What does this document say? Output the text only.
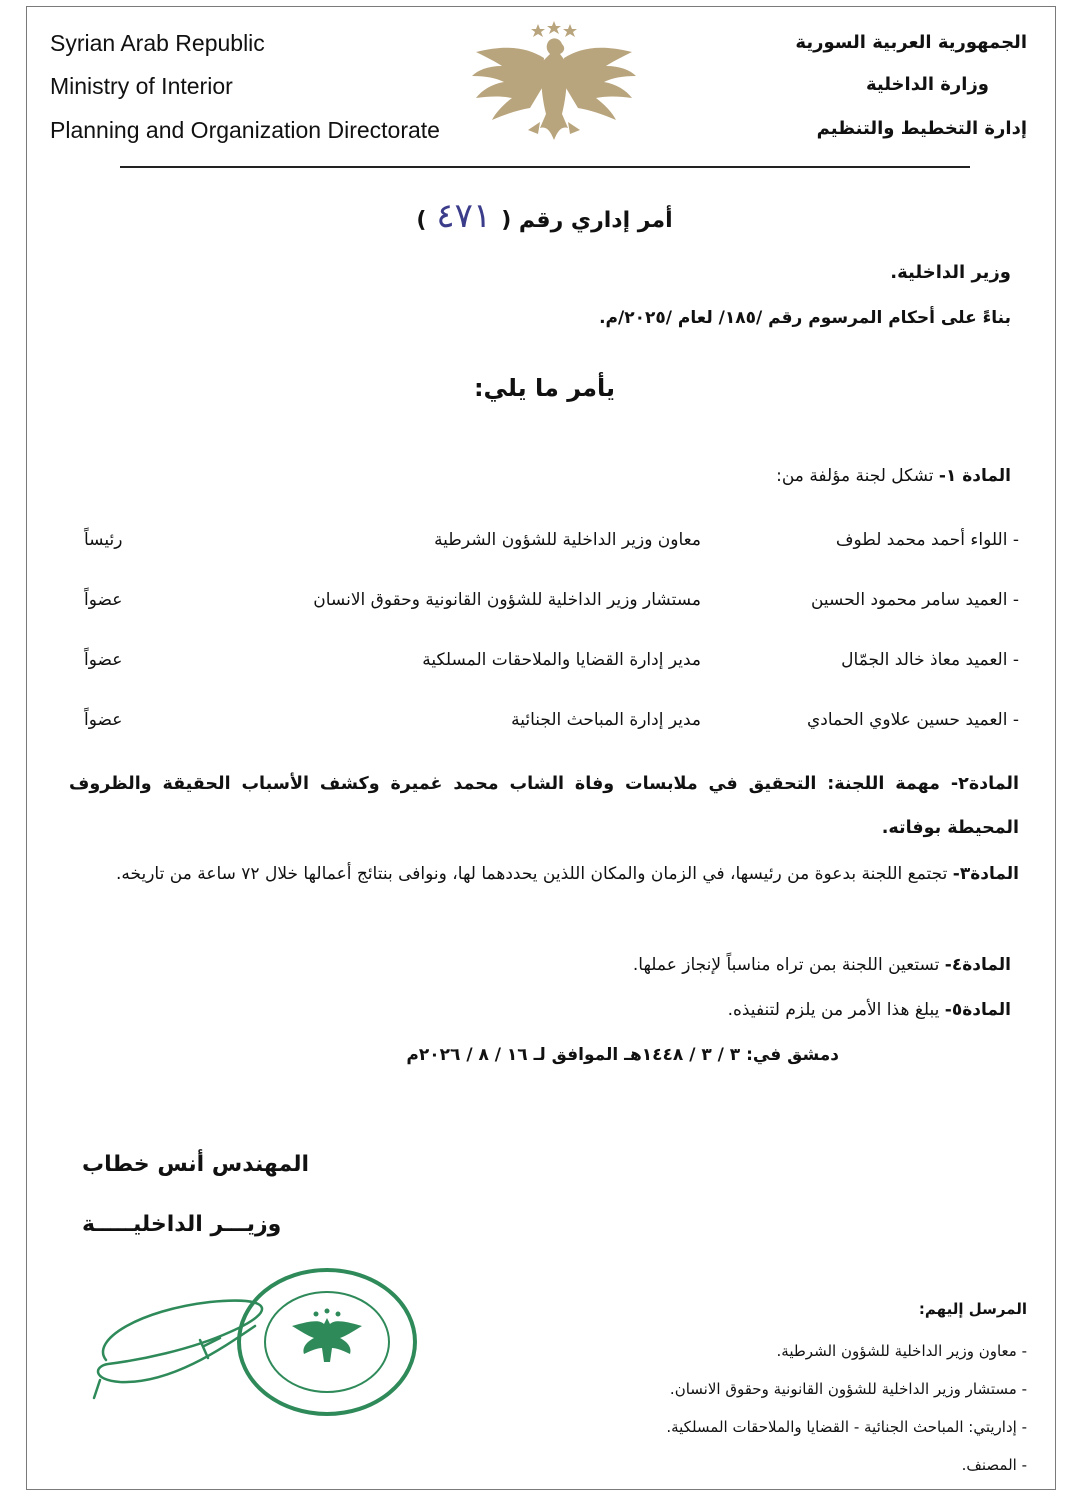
Syrian Arab Republic
Ministry of Interior
Planning and Organization Directorate
الجمهورية العربية السورية
وزارة الداخلية
إدارة التخطيط والتنظيم
أمر إداري رقم (٤٧١)
وزير الداخلية.
بناءً على أحكام المرسوم رقم /١٨٥/ لعام /٢٠٢٥/م.
يأمر ما يلي:
المادة ١- تشكل لجنة مؤلفة من:
- اللواء أحمد محمد لطوف
معاون وزير الداخلية للشؤون الشرطية
رئيساً
- العميد سامر محمود الحسين
مستشار وزير الداخلية للشؤون القانونية وحقوق الانسان
عضواً
- العميد معاذ خالد الجمّال
مدير إدارة القضايا والملاحقات المسلكية
عضواً
- العميد حسين علاوي الحمادي
مدير إدارة المباحث الجنائية
عضواً
المادة٢- مهمة اللجنة: التحقيق في ملابسات وفاة الشاب محمد غميرة وكشف الأسباب الحقيقة والظروف المحيطة بوفاته.
المادة٣- تجتمع اللجنة بدعوة من رئيسها، في الزمان والمكان اللذين يحددهما لها، ونوافى بنتائج أعمالها خلال ٧٢ ساعة من تاريخه.
المادة٤- تستعين اللجنة بمن تراه مناسباً لإنجاز عملها.
المادة٥- يبلغ هذا الأمر من يلزم لتنفيذه.
دمشق في: ٣ / ٣ / ١٤٤٨هـ الموافق لـ ١٦ / ٨ / ٢٠٢٦م
المهندس أنس خطاب
وزيـــر الداخليـــــة
المرسل إليهم:
- معاون وزير الداخلية للشؤون الشرطية.
- مستشار وزير الداخلية للشؤون القانونية وحقوق الانسان.
- إداريتي: المباحث الجنائية - القضايا والملاحقات المسلكية.
- المصنف.
